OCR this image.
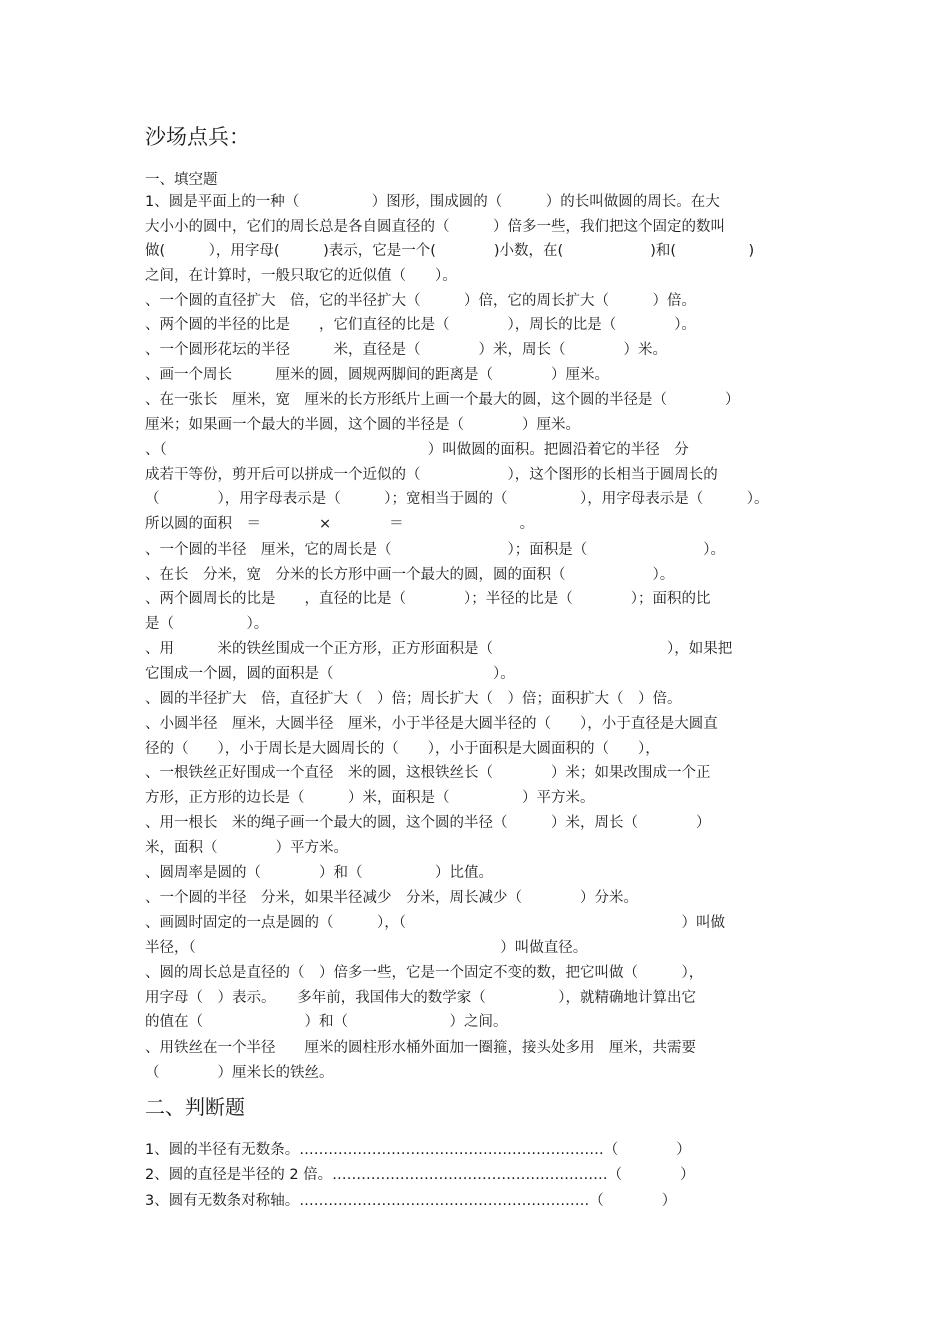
沙场点兵：
一、填空题
1、圆是平面上的一种（　　　　　）图形，围成圆的（　　　）的长叫做圆的周长。在大
大小小的圆中，它们的周长总是各自圆直径的（　　　）倍多一些，我们把这个固定的数叫
做(　　　），用字母(　　　)表示，它是一个(　　　　)小数，在(　　　　　　)和(　　　　　)
之间，在计算时，一般只取它的近似值（　　）。
、一个圆的直径扩大　倍，它的半径扩大（　　　）倍，它的周长扩大（　　　）倍。
、两个圆的半径的比是　　，它们直径的比是（　　　　），周长的比是（　　　　）。
、一个圆形花坛的半径　　　米，直径是（　　　　）米，周长（　　　　）米。
、画一个周长　　　厘米的圆，圆规两脚间的距离是（　　　　）厘米。
、在一张长　厘米，宽　厘米的长方形纸片上画一个最大的圆，这个圆的半径是（　　　　）
厘米；如果画一个最大的半圆，这个圆的半径是（　　　　）厘米。
、（　　　　　　　　　　　　　　　　　　）叫做圆的面积。把圆沿着它的半径　分
成若干等份，剪开后可以拼成一个近似的（　　　　　　），这个图形的长相当于圆周长的
（　　　　），用字母表示是（　　　）；宽相当于圆的（　　　　　），用字母表示是（　　　）。
所以圆的面积　＝　　　　×　　　　＝　　　　　　　　。
、一个圆的半径　厘米，它的周长是（　　　　　　　　）；面积是（　　　　　　　　）。
、在长　分米，宽　分米的长方形中画一个最大的圆，圆的面积（　　　　　　）。
、两个圆周长的比是　　，直径的比是（　　　　）；半径的比是（　　　　）；面积的比
是（　　　　　）。
、用　　　米的铁丝围成一个正方形，正方形面积是（　　　　　　　　　　　　），如果把
它围成一个圆，圆的面积是（　　　　　　　　　　　）。
、圆的半径扩大　倍，直径扩大（　）倍；周长扩大（　）倍；面积扩大（　）倍。
、小圆半径　厘米，大圆半径　厘米，小于半径是大圆半径的（　　），小于直径是大圆直
径的（　　），小于周长是大圆周长的（　　），小于面积是大圆面积的（　　），
、一根铁丝正好围成一个直径　米的圆，这根铁丝长（　　　　）米；如果改围成一个正
方形，正方形的边长是（　　　）米，面积是（　　　　　）平方米。
、用一根长　米的绳子画一个最大的圆，这个圆的半径（　　　）米，周长（　　　　）
米，面积（　　　　）平方米。
、圆周率是圆的（　　　　）和（　　　　　）比值。
、一个圆的半径　分米，如果半径减少　分米，周长减少（　　　　）分米。
、画圆时固定的一点是圆的（　　　），（　　　　　　　　　　　　　　　　　　　）叫做
半径，（　　　　　　　　　　　　　　　　　　　　　）叫做直径。
、圆的周长总是直径的（　）倍多一些，它是一个固定不变的数，把它叫做（　　　），
用字母（　）表示。　　多年前，我国伟大的数学家（　　　　　），就精确地计算出它
的值在（　　　　　　　）和（　　　　　　　）之间。
、用铁丝在一个半径　　厘米的圆柱形水桶外面加一圈箍，接头处多用　厘米，共需要
（　　　　）厘米长的铁丝。
二、判断题
1、圆的半径有无数条。………………………………………………………（　　　　）
2、圆的直径是半径的 2 倍。…………………………………………………（　　　　）
3、圆有无数条对称轴。……………………………………………………（　　　　）
